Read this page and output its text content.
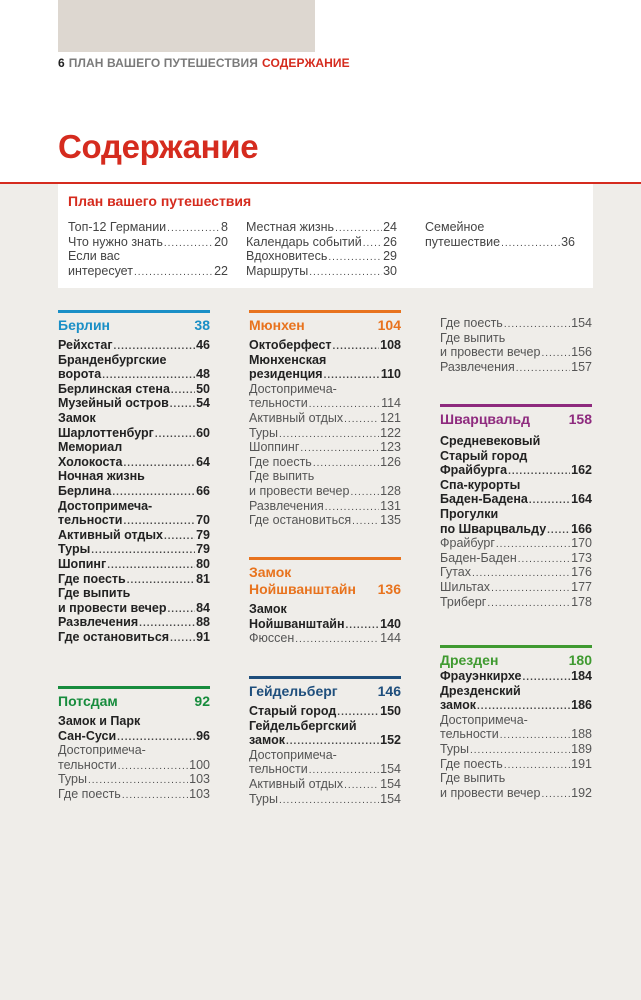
6 ПЛАН ВАШЕГО ПУТЕШЕСТВИЯ СОДЕРЖАНИЕ
Содержание
План вашего путешествия
Топ-12 Германии .....	8
Что нужно знать .....	20
Если вас
интересует .....	22
Местная жизнь .....	24
Календарь событий ..... 26
Вдохновитесь .....	29
Маршруты .....	30
Семейное
путешествие .....	36
Берлин	38
Рейхстаг .....	46
Бранденбургские
ворота .....	48
Берлинская стена ..... 50
Музейный остров ..... 54
Замок
Шарлоттенбург .....	60
Мемориал
Холокоста .....	64
Ночная жизнь
Берлина .....	66
Достопримеча-
тельности .....	70
Активный отдых .....	79
Туры .....	79
Шопинг .....	80
Где поесть .....	81
Где выпить
и провести вечер ..... 84
Развлечения .....	88
Где остановиться ..... 91
Потсдам	92
Замок и Парк
Сан-Суси .....	96
Достопримеча-
тельности .....	100
Туры .....	103
Где поесть .....	103
Мюнхен	104
Октоберфест .....	108
Мюнхенская
резиденция .....	110
Достопримеча-
тельности .....	114
Активный отдых .....	121
Туры .....	122
Шоппинг .....	123
Где поесть .....	126
Где выпить
и провести вечер ..... 128
Развлечения .....	131
Где остановиться ..... 135
Замок
Нойшванштайн 136
Замок
Нойшванштайн .....	140
Фюссен .....	144
Гейдельберг	146
Старый город .....	150
Гейдельбергский
замок .....	152
Достопримеча-
тельности .....	154
Активный отдых .....	154
Туры .....	154
Где поесть .....	154
Где выпить
и провести вечер ..... 156
Развлечения .....	157
Шварцвальд	158
Средневековый
Старый город
Фрайбурга .....	162
Спа-курорты
Баден-Бадена .....	164
Прогулки
по Шварцвальду ..... 166
Фрайбург .....	170
Баден-Баден .....	173
Гутах .....	176
Шильтах .....	177
Триберг .....	178
Дрезден	180
Фрауэнкирхе .....	184
Дрезденский
замок .....	186
Достопримеча-
тельности .....	188
Туры .....	189
Где поесть .....	191
Где выпить
и провести вечер ..... 192
